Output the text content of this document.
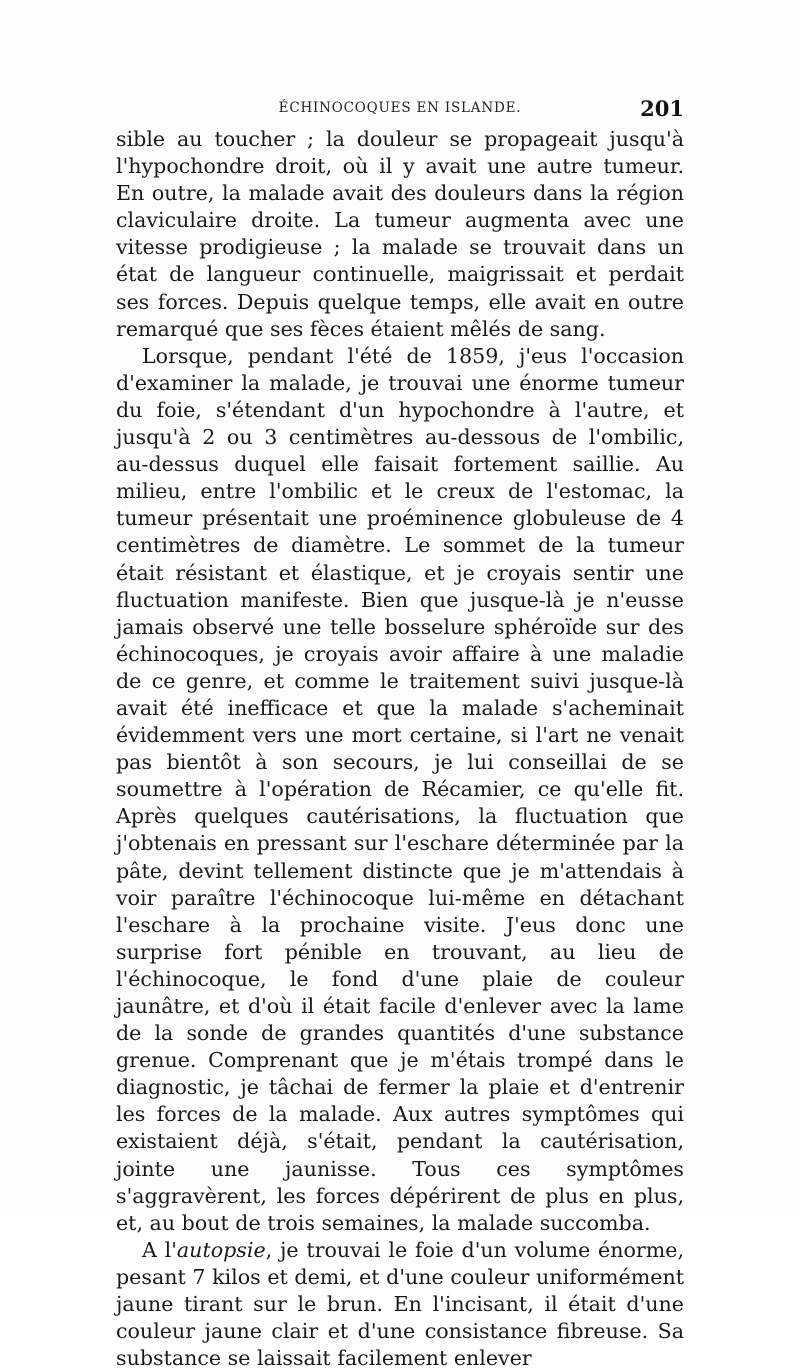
ÉCHINOCOQUES EN ISLANDE.	201

sible au toucher ; la douleur se propageait jusqu'à l'hypochondre droit, où il y avait une autre tumeur. En outre, la malade avait des douleurs dans la région claviculaire droite. La tumeur augmenta avec une vitesse prodigieuse ; la malade se trouvait dans un état de langueur continuelle, maigrissait et perdait ses forces. Depuis quelque temps, elle avait en outre remarqué que ses fèces étaient mêlés de sang.

Lorsque, pendant l'été de 1859, j'eus l'occasion d'examiner la malade, je trouvai une énorme tumeur du foie, s'étendant d'un hypochondre à l'autre, et jusqu'à 2 ou 3 centimètres au-dessous de l'ombilic, au-dessus duquel elle faisait fortement saillie. Au milieu, entre l'ombilic et le creux de l'estomac, la tumeur présentait une proéminence globuleuse de 4 centimètres de diamètre. Le sommet de la tumeur était résistant et élastique, et je croyais sentir une fluctuation manifeste. Bien que jusque-là je n'eusse jamais observé une telle bosselure sphéroïde sur des échinocoques, je croyais avoir affaire à une maladie de ce genre, et comme le traitement suivi jusque-là avait été inefficace et que la malade s'acheminait évidemment vers une mort certaine, si l'art ne venait pas bientôt à son secours, je lui conseillai de se soumettre à l'opération de Récamier, ce qu'elle fit. Après quelques cautérisations, la fluctuation que j'obtenais en pressant sur l'eschare déterminée par la pâte, devint tellement distincte que je m'attendais à voir paraître l'échinocoque lui-même en détachant l'eschare à la prochaine visite. J'eus donc une surprise fort pénible en trouvant, au lieu de l'échinocoque, le fond d'une plaie de couleur jaunâtre, et d'où il était facile d'enlever avec la lame de la sonde de grandes quantités d'une substance grenue. Comprenant que je m'étais trompé dans le diagnostic, je tâchai de fermer la plaie et d'entrenir les forces de la malade. Aux autres symptômes qui existaient déjà, s'était, pendant la cautérisation, jointe une jaunisse. Tous ces symptômes s'aggravèrent, les forces dépérirent de plus en plus, et, au bout de trois semaines, la malade succomba.

A l'autopsie, je trouvai le foie d'un volume énorme, pesant 7 kilos et demi, et d'une couleur uniformément jaune tirant sur le brun. En l'incisant, il était d'une couleur jaune clair et d'une consistance fibreuse. Sa substance se laissait facilement enlever
